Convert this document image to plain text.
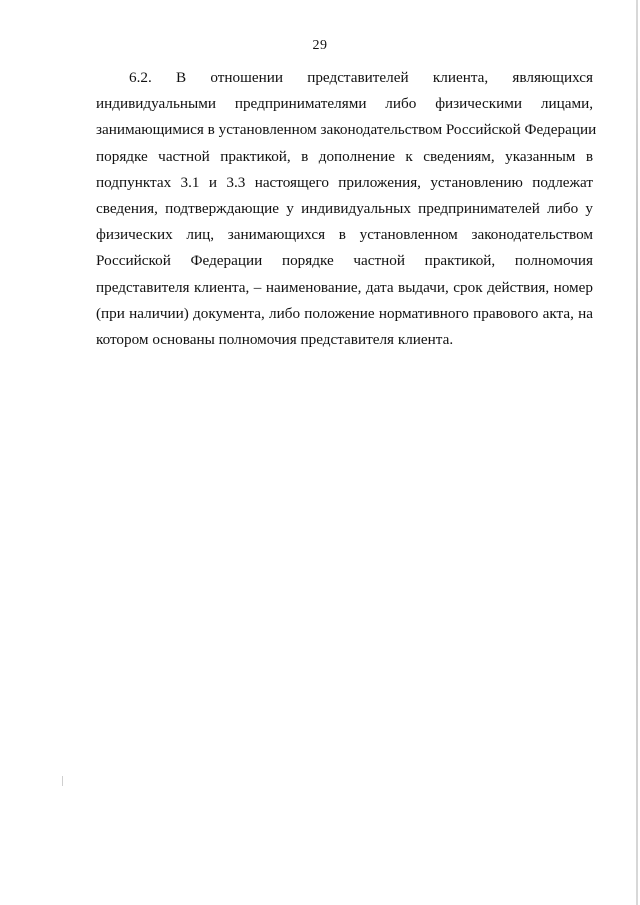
29
6.2. В отношении представителей клиента, являющихся
индивидуальными предпринимателями либо физическими лицами,
занимающимися в установленном законодательством Российской Федерации
порядке частной практикой, в дополнение к сведениям, указанным в
подпунктах 3.1 и 3.3 настоящего приложения, установлению подлежат
сведения, подтверждающие у индивидуальных предпринимателей либо у
физических лиц, занимающихся в установленном законодательством
Российской Федерации порядке частной практикой, полномочия
представителя клиента, – наименование, дата выдачи, срок действия, номер
(при наличии) документа, либо положение нормативного правового акта, на
котором основаны полномочия представителя клиента.
